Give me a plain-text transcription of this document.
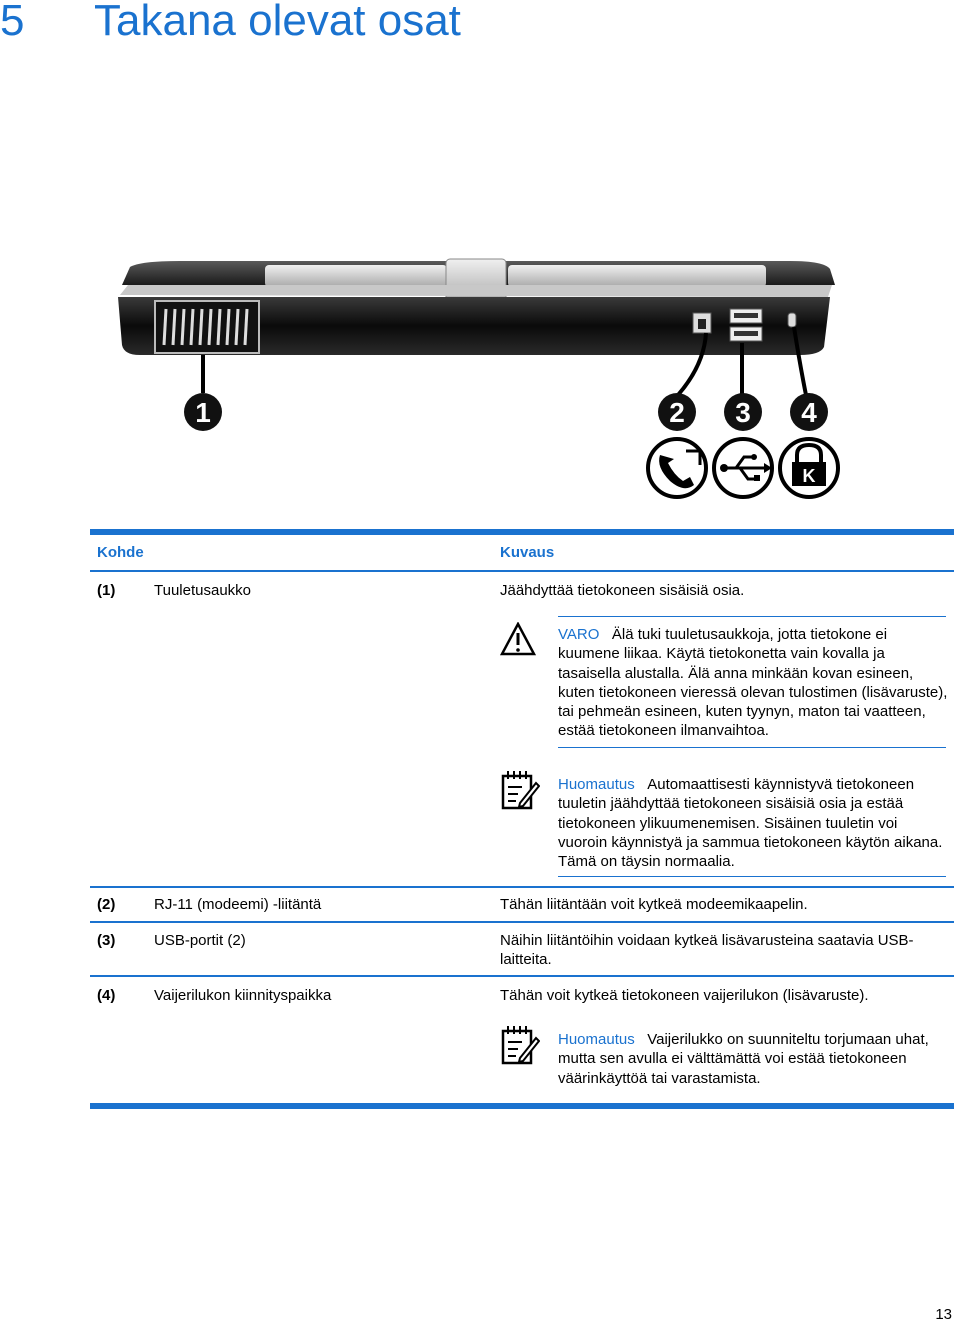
5 Takana olevat osat
1	2 3 4
K
Kohde	Kuvaus
(1)	Tuuletusaukko	Jäähdyttää tietokoneen sisäisiä osia.
VARO Älä tuki tuuletusaukkoja, jotta tietokone ei kuumene liikaa. Käytä tietokonetta vain kovalla ja tasaisella alustalla. Älä anna minkään kovan esineen, kuten tietokoneen vieressä olevan tulostimen (lisävaruste), tai pehmeän esineen, kuten tyynyn, maton tai vaatteen, estää tietokoneen ilmanvaihtoa.
Huomautus Automaattisesti käynnistyvä tietokoneen tuuletin jäähdyttää tietokoneen sisäisiä osia ja estää tietokoneen ylikuumenemisen. Sisäinen tuuletin voi vuoroin käynnistyä ja sammua tietokoneen käytön aikana. Tämä on täysin normaalia.
(2)	RJ-11 (modeemi) -liitäntä	Tähän liitäntään voit kytkeä modeemikaapelin.
(3)	USB-portit (2)	Näihin liitäntöihin voidaan kytkeä lisävarusteina saatavia USB-laitteita.
(4)	Vaijerilukon kiinnityspaikka	Tähän voit kytkeä tietokoneen vaijerilukon (lisävaruste).
Huomautus Vaijerilukko on suunniteltu torjumaan uhat, mutta sen avulla ei välttämättä voi estää tietokoneen väärinkäyttöä tai varastamista.
13
